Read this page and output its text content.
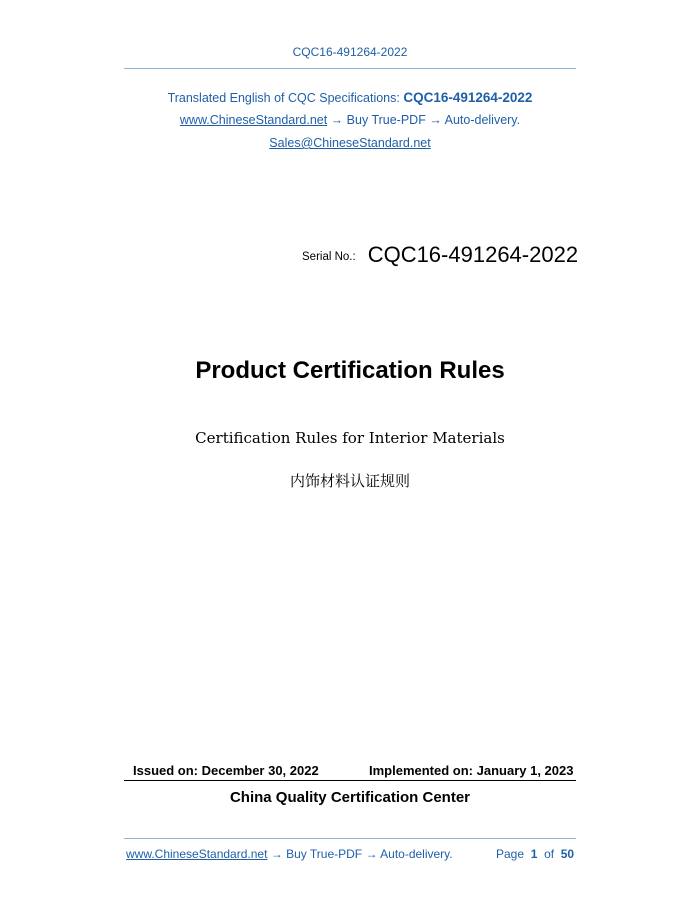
CQC16-491264-2022
Translated English of CQC Specifications: CQC16-491264-2022
www.ChineseStandard.net → Buy True-PDF → Auto-delivery.
Sales@ChineseStandard.net
Serial No.: CQC16-491264-2022
Product Certification Rules
Certification Rules for Interior Materials
内饰材料认证规则
Issued on: December 30, 2022	Implemented on: January 1, 2023
China Quality Certification Center
www.ChineseStandard.net → Buy True-PDF → Auto-delivery.	Page 1 of 50
